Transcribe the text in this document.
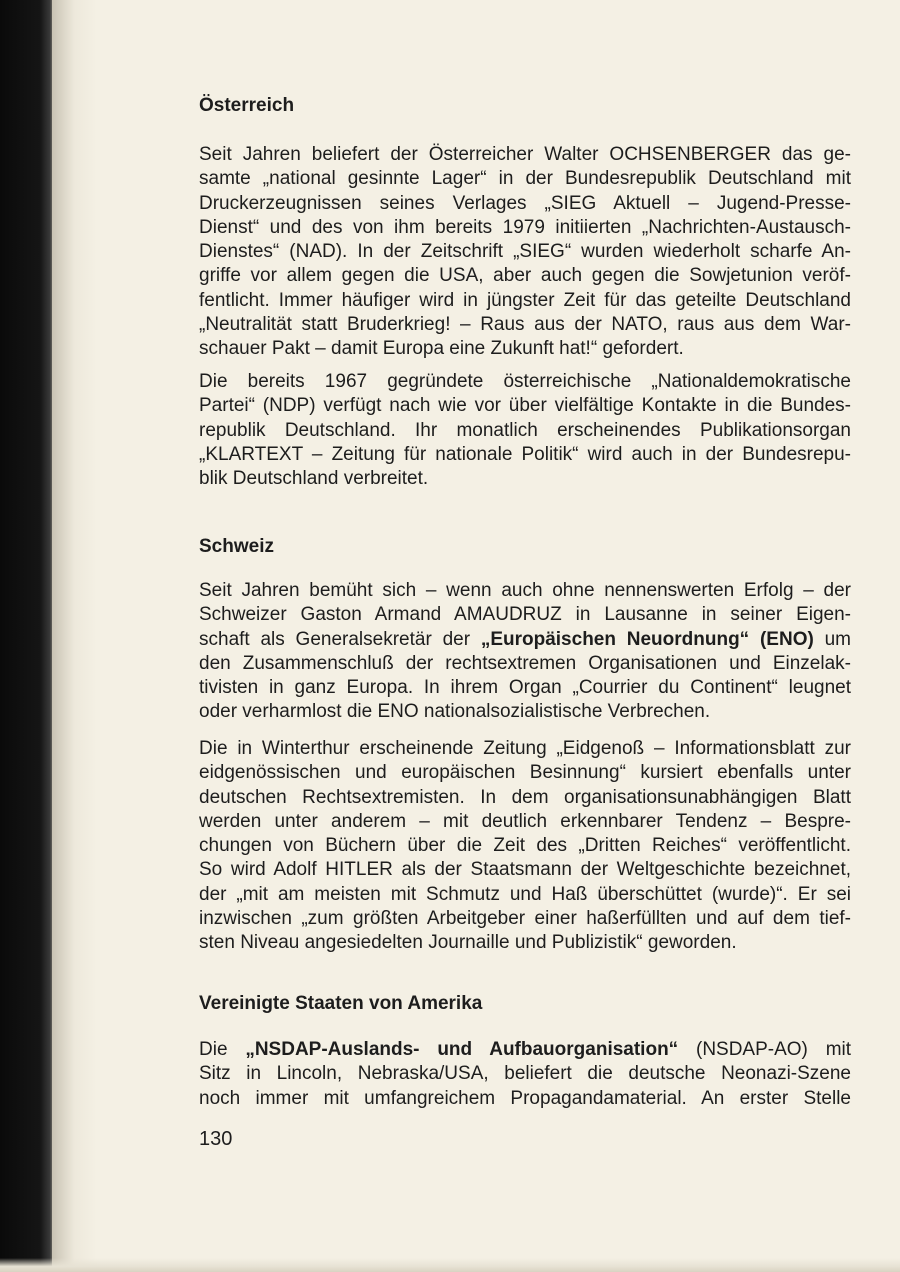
Österreich
Seit Jahren beliefert der Österreicher Walter OCHSENBERGER das ge-
samte „national gesinnte Lager“ in der Bundesrepublik Deutschland mit
Druckerzeugnissen seines Verlages „SIEG Aktuell – Jugend-Presse-
Dienst“ und des von ihm bereits 1979 initiierten „Nachrichten-Austausch-
Dienstes“ (NAD). In der Zeitschrift „SIEG“ wurden wiederholt scharfe An-
griffe vor allem gegen die USA, aber auch gegen die Sowjetunion veröf-
fentlicht. Immer häufiger wird in jüngster Zeit für das geteilte Deutschland
„Neutralität statt Bruderkrieg! – Raus aus der NATO, raus aus dem War-
schauer Pakt – damit Europa eine Zukunft hat!“ gefordert.
Die bereits 1967 gegründete österreichische „Nationaldemokratische
Partei“ (NDP) verfügt nach wie vor über vielfältige Kontakte in die Bundes-
republik Deutschland. Ihr monatlich erscheinendes Publikationsorgan
„KLARTEXT – Zeitung für nationale Politik“ wird auch in der Bundesrepu-
blik Deutschland verbreitet.
Schweiz
Seit Jahren bemüht sich – wenn auch ohne nennenswerten Erfolg – der
Schweizer Gaston Armand AMAUDRUZ in Lausanne in seiner Eigen-
schaft als Generalsekretär der „Europäischen Neuordnung“ (ENO) um
den Zusammenschluß der rechtsextremen Organisationen und Einzelak-
tivisten in ganz Europa. In ihrem Organ „Courrier du Continent“ leugnet
oder verharmlost die ENO nationalsozialistische Verbrechen.
Die in Winterthur erscheinende Zeitung „Eidgenoß – Informationsblatt zur
eidgenössischen und europäischen Besinnung“ kursiert ebenfalls unter
deutschen Rechtsextremisten. In dem organisationsunabhängigen Blatt
werden unter anderem – mit deutlich erkennbarer Tendenz – Bespre-
chungen von Büchern über die Zeit des „Dritten Reiches“ veröffentlicht.
So wird Adolf HITLER als der Staatsmann der Weltgeschichte bezeichnet,
der „mit am meisten mit Schmutz und Haß überschüttet (wurde)“. Er sei
inzwischen „zum größten Arbeitgeber einer haßerfüllten und auf dem tief-
sten Niveau angesiedelten Journaille und Publizistik“ geworden.
Vereinigte Staaten von Amerika
Die „NSDAP-Auslands- und Aufbauorganisation“ (NSDAP-AO) mit
Sitz in Lincoln, Nebraska/USA, beliefert die deutsche Neonazi-Szene
noch immer mit umfangreichem Propagandamaterial. An erster Stelle
130
